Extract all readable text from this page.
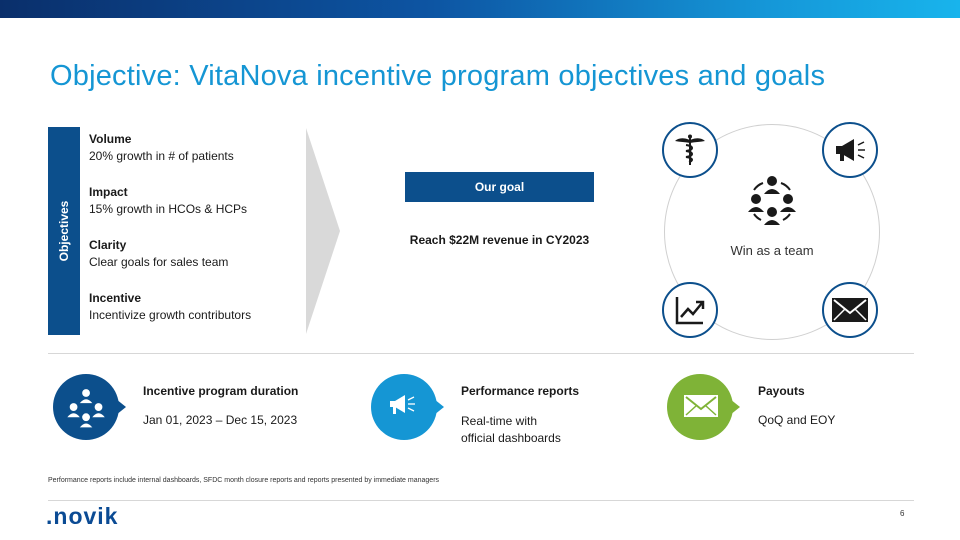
Objective: VitaNova incentive program objectives and goals
Objectives
Volume
20% growth in # of patients
Impact
15% growth in HCOs & HCPs
Clarity
Clear goals for sales team
Incentive
Incentivize growth contributors
Our goal
Reach $22M revenue in CY2023
Win as a team
Incentive program duration
Jan 01, 2023 – Dec 15, 2023
Performance reports
Real-time with
official dashboards
Payouts
QoQ and EOY
Performance reports include internal dashboards, SFDC month closure reports and reports presented by immediate managers
.novik	6
